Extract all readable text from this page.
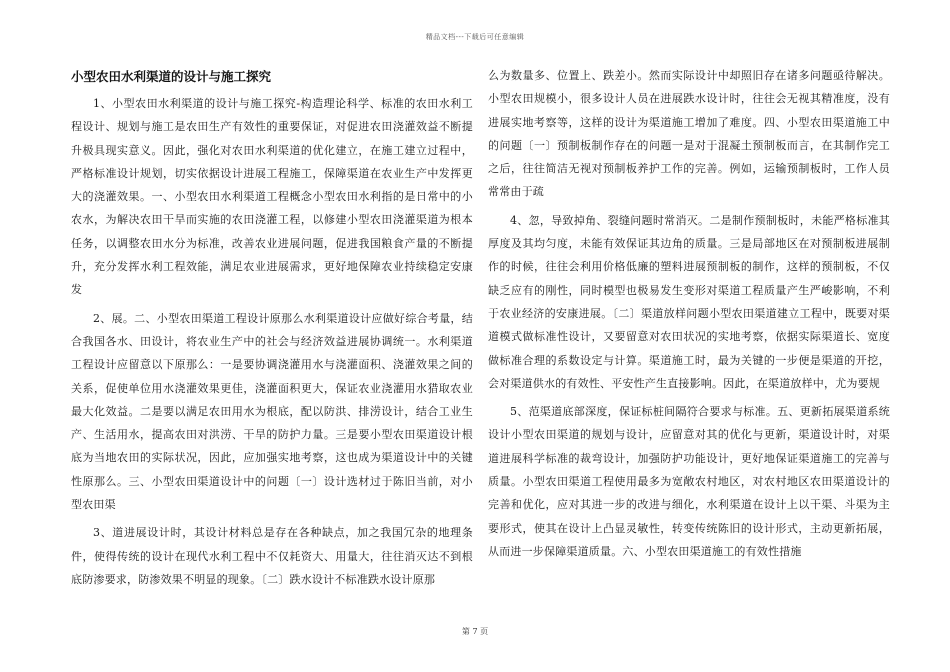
精品文档---下载后可任意编辑
小型农田水利渠道的设计与施工探究

1、小型农田水利渠道的设计与施工探究-构造理论科学、标准的农田水利工程设计、规划与施工是农田生产有效性的重要保证，对促进农田浇灌效益不断提升极具现实意义。因此，强化对农田水利渠道的优化建立，在施工建立过程中，严格标准设计规划，切实依据设计进展工程施工，保障渠道在农业生产中发挥更大的浇灌效果。一、小型农田水利渠道工程概念小型农田水利指的是日常中的小农水，为解决农田干旱而实施的农田浇灌工程，以修建小型农田浇灌渠道为根本任务，以调整农田水分为标准，改善农业进展问题，促进我国粮食产量的不断提升，充分发挥水利工程效能，满足农业进展需求，更好地保障农业持续稳定安康发

2、展。二、小型农田渠道工程设计原那么水利渠道设计应做好综合考量，结合我国各水、田设计，将农业生产中的社会与经济效益进展协调统一。水利渠道工程设计应留意以下原那么：一是要协调浇灌用水与浇灌面积、浇灌效果之间的关系，促使单位用水浇灌效果更佳，浇灌面积更大，保证农业浇灌用水猎取农业最大化效益。二是要以满足农田用水为根底，配以防洪、排涝设计，结合工业生产、生活用水，提高农田对洪涝、干旱的防护力量。三是要小型农田渠道设计根底为当地农田的实际状况，因此，应加强实地考察，这也成为渠道设计中的关键性原那么。三、小型农田渠道设计中的问题〔一〕设计选材过于陈旧当前，对小型农田渠

3、道进展设计时，其设计材料总是存在各种缺点，加之我国冗杂的地理条件，使得传统的设计在现代水利工程中不仅耗资大、用量大，往往消灭达不到根底防渗要求，防渗效果不明显的现象。〔二〕跌水设计不标准跌水设计原那

么为数量多、位置上、跌差小。然而实际设计中却照旧存在诸多问题亟待解决。小型农田规模小，很多设计人员在进展跌水设计时，往往会无视其精准度，没有进展实地考察等，这样的设计为渠道施工增加了难度。四、小型农田渠道施工中的问题〔一〕预制板制作存在的问题一是对于混凝土预制板而言，在其制作完工之后，往往简洁无视对预制板养护工作的完善。例如，运输预制板时，工作人员常常由于疏

4、忽，导致掉角、裂缝问题时常消灭。二是制作预制板时，未能严格标准其厚度及其均匀度，未能有效保证其边角的质量。三是局部地区在对预制板进展制作的时候，往往会利用价格低廉的塑料进展预制板的制作，这样的预制板，不仅缺乏应有的刚性，同时模型也极易发生变形对渠道工程质量产生严峻影响，不利于农业经济的安康进展。〔二〕渠道放样问题小型农田渠道建立工程中，既要对渠道模式做标准性设计，又要留意对农田状况的实地考察，依据实际渠道长、宽度做标准合理的系数设定与计算。渠道施工时，最为关键的一步便是渠道的开挖，会对渠道供水的有效性、平安性产生直接影响。因此，在渠道放样中，尤为要规

5、范渠道底部深度，保证标桩间隔符合要求与标准。五、更新拓展渠道系统设计小型农田渠道的规划与设计，应留意对其的优化与更新，渠道设计时，对渠道进展科学标准的裁弯设计，加强防护功能设计，更好地保证渠道施工的完善与质量。小型农田渠道工程使用最多为宽敞农村地区，对农村地区农田渠道设计的完善和优化，应对其进一步的改进与细化，水利渠道在设计上以干渠、斗渠为主要形式，使其在设计上凸显灵敏性，转变传统陈旧的设计形式，主动更新拓展，从而进一步保障渠道质量。六、小型农田渠道施工的有效性措施

第 7 页
